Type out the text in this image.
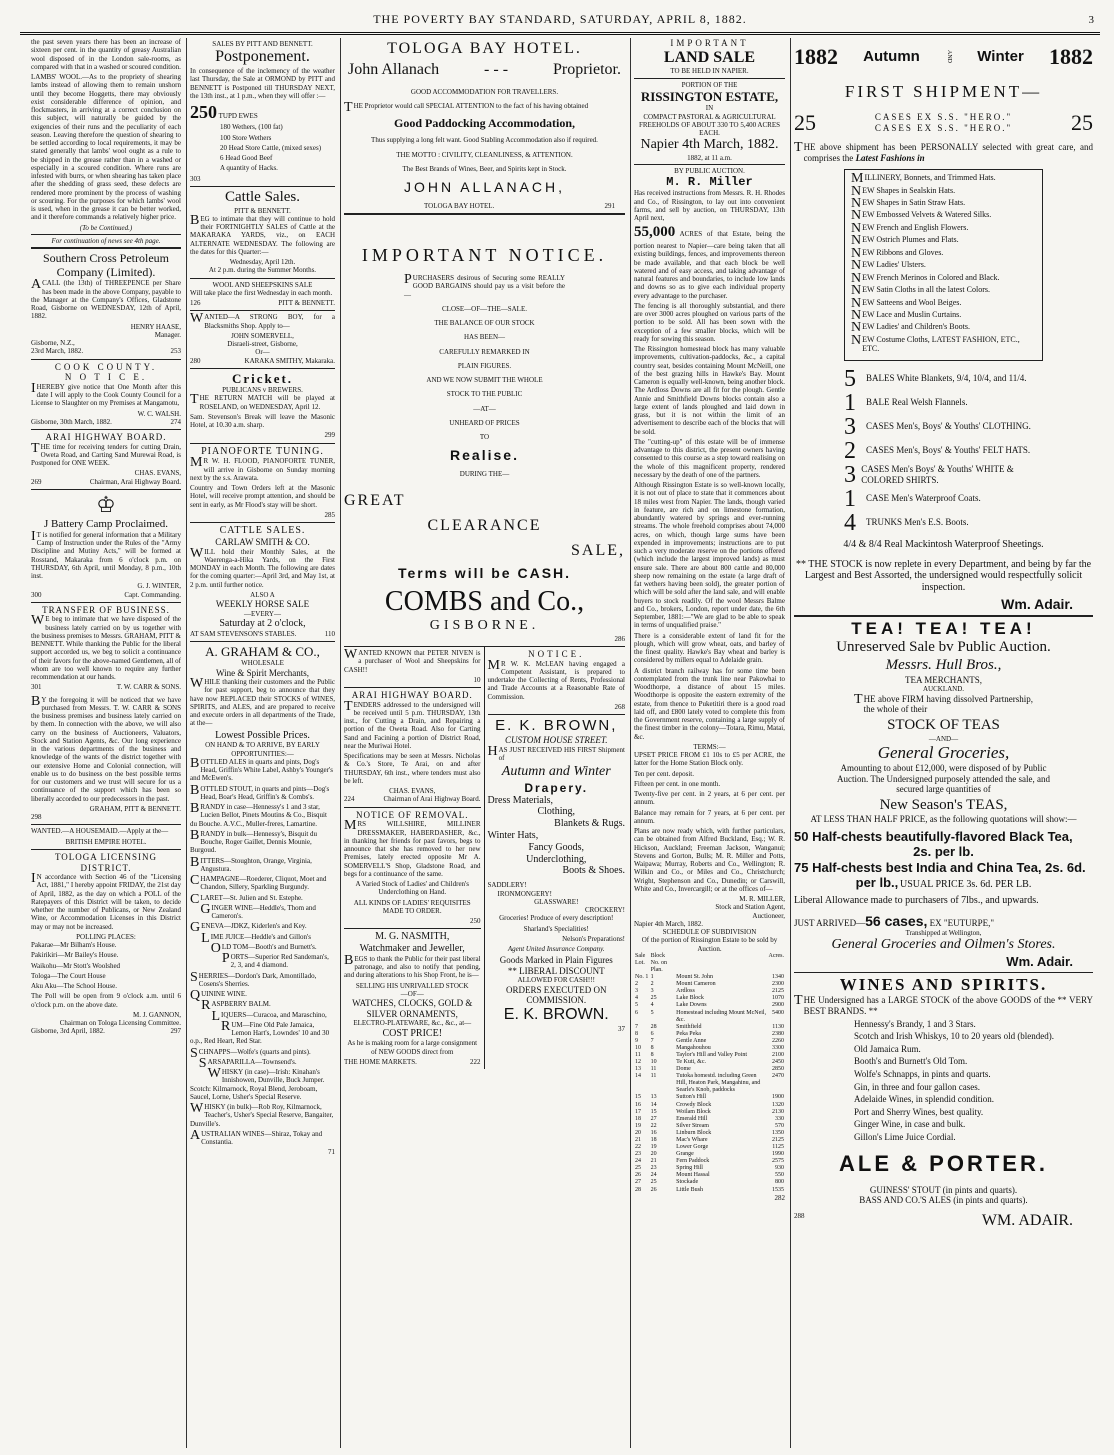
THE POVERTY BAY STANDARD, SATURDAY, APRIL 8, 1882.	3

the past seven years there has been an increase of sixteen per cent. in the quantity of greasy Australian wool disposed of in the London sale-rooms, as compared with that in a washed or scoured condition.

LAMBS' WOOL.—As to the propriety of shearing lambs instead of allowing them to remain unshorn until they become Hoggetts, there may obviously exist considerable difference of opinion, and flockmasters, in arriving at a correct conclusion on this subject, will naturally be guided by the exigencies of their runs and the peculiarity of each season. Leaving therefore the question of shearing to be settled according to local requirements, it may be stated generally that lambs' wool ought as a rule to be shipped in the grease rather than in a washed or especially in a scoured condition. Where runs are infested with burrs, or when shearing has taken place after the shedding of grass seed, these defects are rendered more prominent by the process of washing or scouring. For the purposes for which lambs' wool is used, when in the grease it can be better worked, and it therefore commands a relatively higher price.

(To be Continued.)

For continuation of news see 4th page.

Southern Cross Petroleum Company (Limited).

ACALL (the 13th) of THREEPENCE per Share has been made in the above Company, payable to the Manager at the Company's Offices, Gladstone Road, Gisborne on WEDNESDAY, 12th of April, 1882.

HENRY HAASE,
Manager.
Gisborne, N.Z.,
23rd March, 1882.	253
COOK COUNTY.
N O T I C E.

IHEREBY give notice that One Month after this date I will apply to the Cook County Council for a License to Slaughter on my Premises at Mangamotu,

W. C. WALSH.
Gisborne, 30th March, 1882.	274
ARAI HIGHWAY BOARD.

THE time for receiving tenders for cutting Drain, Oweta Road, and Carting Sand Murewai Road, is Postponed for ONE WEEK.

CHAS. EVANS,
269	Chairman, Arai Highway Board.
♔
J Battery Camp Proclaimed.

IT is notified for general information that a Military Camp of Instruction under the Rules of the "Army Discipline and Mutiny Acts," will be formed at Rosstand, Makaraka from 6 o'clock p.m. on THURSDAY, 6th April, until Monday, 8 p.m., 10th inst.

G. J. WINTER,
300	Capt. Commanding.
TRANSFER OF BUSINESS.

WE beg to intimate that we have disposed of the business lately carried on by us together with the business premises to Messrs. GRAHAM, PITT & BENNETT. While thanking the Public for the liberal support accorded us, we beg to solicit a continuance of their favors for the above-named Gentlemen, all of whom are too well known to require any further recommendation at our hands.

301	T. W. CARR & SONS.

BY the foregoing it will be noticed that we have purchased from Messrs. T. W. CARR & SONS the business premises and business lately carried on by them. In connection with the above, we will also carry on the business of Auctioneers, Valuators, Stock and Station Agents, &c. Our long experience in the various departments of the business and knowledge of the wants of the district together with our extensive Home and Colonial connection, will enable us to do business on the best possible terms for our customers and we trust will secure for us a continuance of the support which has been so liberally accorded to our predecessors in the past.

GRAHAM, PITT & BENNETT.
298

WANTED.—A HOUSEMAID.—Apply at the—

BRITISH EMPIRE HOTEL.
TOLOGA LICENSING DISTRICT.

IN accordance with Section 46 of the "Licensing Act, 1881," I hereby appoint FRIDAY, the 21st day of April, 1882, as the day on which a POLL of the Ratepayers of this District will be taken, to decide whether the number of Publicans, or New Zealand Wine, or Accommodation Licenses in this District may or may not be increased.

POLLING PLACES:
Pakarae—Mr Bilham's House.
Pakirikiri—Mr Bailey's House.
Waikohu—Mr Stott's Woolshed
Tologa—The Court House
Aku Aku—The School House.

The Poll will be open from 9 o'clock a.m. until 6 o'clock p.m. on the above date.

M. J. GANNON,
Chairman on Tologa Licensing Committee.
Gisborne, 3rd April, 1882.	297
SALES BY PITT AND BENNETT.
Postponement.

In consequence of the inclemency of the weather last Thursday, the Sale at ORMOND by PITT and BENNETT is Postponed till THURSDAY NEXT, the 13th inst., at 1 p.m., when they will offer :—

250 TUPD EWES
180 Wethers, (100 fat)
100 Store Wethers
20 Head Store Cattle, (mixed sexes)
6 Head Good Beef
A quantity of Hacks.
303
Cattle Sales.
PITT & BENNETT.

BEG to intimate that they will continue to hold their FORTNIGHTLY SALES of Cattle at the MAKARAKA YARDS, viz., on EACH ALTERNATE WEDNESDAY. The following are the dates for this Quarter:—

Wednesday, April 12th.
At 2 p.m. during the Summer Months.
WOOL AND SHEEPSKINS SALE

Will take place the first Wednesday in each month.

126	PITT & BENNETT.

WANTED—A STRONG BOY, for a Blacksmiths Shop. Apply to—

JOHN SOMERVELL,
Disraeli-street, Gisborne,
Or—
280	KARAKA SMITHY, Makaraka.
Cricket.
PUBLICANS v BREWERS.

THE RETURN MATCH will be played at ROSELAND, on WEDNESDAY, April 12.

Sam. Stevenson's Break will leave the Masonic Hotel, at 10.30 a.m. sharp.

299
PIANOFORTE TUNING.

MR W. H. FLOOD, PIANOFORTE TUNER, will arrive in Gisborne on Sunday morning next by the s.s. Arawata.

Country and Town Orders left at the Masonic Hotel, will receive prompt attention, and should be sent in early, as Mr Flood's stay will be short.

285
CATTLE SALES.
CARLAW SMITH & CO.

WILL hold their Monthly Sales, at the Waerenga-a-Hika Yards, on the First MONDAY in each Month. The following are dates for the coming quarter:—April 3rd, and May 1st, at 2 p.m. until further notice.

ALSO A
WEEKLY HORSE SALE
—EVERY—
Saturday at 2 o'clock,
AT SAM STEVENSON'S STABLES.	110
A. GRAHAM & CO.,
WHOLESALE
Wine & Spirit Merchants,

WHILE thanking their customers and the Public for past support, beg to announce that they have now REPLACED their STOCKS of WINES, SPIRITS, and ALES, and are prepared to receive and execute orders in all departments of the Trade, at the—

Lowest Possible Prices.
ON HAND & TO ARRIVE, BY EARLY OPPORTUNITIES:—
BOTTLED ALES in quarts and pints, Dog's Head, Griffin's White Label, Ashby's Younger's and McEwen's.
BOTTLED STOUT, in quarts and pints—Dog's Head, Boar's Head, Griffin's & Combs's.
BRANDY in case—Hennessy's 1 and 3 star, Lucien Bellot, Pinets Moutins & Co., Bisquit du Bouche. A.V.C., Muller-freres, Lamartine.
BRANDY in bulk—Hennessy's, Bisquit du Bouche, Roger Gaillet, Dennis Mounie, Burgoud.
BITTERS—Stoughton, Orange, Virginia, Angustura.
CHAMPAGNE—Roederer, Cliquot, Moet and Chandon, Sillery, Sparkling Burgundy.
CLARET—St. Julien and St. Estephe.
GINGER WINE—Heddle's, Thom and Cameron's.
GENEVA—JDKZ, Kiderlen's and Key.
LIME JUICE—Heddle's and Gillon's
OLD TOM—Booth's and Burnett's.
PORTS—Superior Red Sandeman's, 2, 3, and 4 diamond.
SHERRIES—Dordon's Dark, Amontillado, Cosens's Sherries.
QUININE WINE.
RASPBERRY BALM.
LIQUERS—Curacoa, and Maraschino,
RUM—Fine Old Pale Jamaica, Lemon Hart's, Lowndes' 10 and 30 o.p., Red Heart, Red Star.
SCHNAPPS—Wolfe's (quarts and pints).
SARSAPARILLA—Townsend's.
WHISKY (in case)—Irish: Kinahan's Innishowen, Dunville, Buck Jumper. Scotch: Kilmarnock, Royal Blend, Jeroboam, Saucel, Lorne, Usher's Special Reserve.
WHISKY (in bulk)—Rob Roy, Kilmarnock, Teacher's, Usher's Special Reserve, Bangaiter, Dunville's.
AUSTRALIAN WINES—Shiraz, Tokay and Constantia.
71
TOLOGA BAY HOTEL.
John Allanach	- - -	Proprietor.
GOOD ACCOMMODATION FOR TRAVELLERS.

THE Proprietor would call SPECIAL ATTENTION to the fact of his having obtained

Good Paddocking Accommodation,

Thus supplying a long felt want. Good Stabling Accommodation also if required.

THE MOTTO : CIVILITY, CLEANLINESS, & ATTENTION.
The Best Brands of Wines, Beer, and Spirits kept in Stock.
JOHN ALLANACH,
TOLOGA BAY HOTEL.	291
IMPORTANT NOTICE.

PURCHASERS desirous of Securing some REALLY GOOD BARGAINS should pay us a visit before the—

CLOSE—OF—THE—SALE.
THE BALANCE OF OUR STOCK
HAS BEEN—
CAREFULLY REMARKED IN
PLAIN FIGURES.
AND WE NOW SUBMIT THE WHOLE
STOCK TO THE PUBLIC
—AT—
UNHEARD OF PRICES
TO
Realise.
DURING THE—
GREAT
CLEARANCE
SALE,
Terms will be CASH.
COMBS and Co.,
GISBORNE.
286

WANTED KNOWN that PETER NIVEN is a purchaser of Wool and Sheepskins for CASH!!

10
ARAI HIGHWAY BOARD.

TENDERS addressed to the undersigned will be received until 5 p.m. THURSDAY, 13th inst., for Cutting a Drain, and Repairing a portion of the Oweta Road. Also for Carting Sand and Facining a portion of District Road, near the Muriwai Hotel.

Specifications may be seen at Messrs. Nicholas & Co.'s Store, Te Arai, on and after THURSDAY, 6th inst., where tenders must also be left.

CHAS. EVANS,
224	Chairman of Arai Highway Board.
NOTICE OF REMOVAL.

MRS WILLSHIRE, MILLINER DRESSMAKER, HABERDASHER, &c., in thanking her friends for past favors, begs to announce that she has removed to her new Premises, lately erected opposite Mr A. SOMERVELL'S Shop, Gladstone Road, and begs for a continuance of the same.

A Varied Stock of Ladies' and Children's Underclothing on Hand.

ALL KINDS OF LADIES' REQUISITES MADE TO ORDER.

250
M. G. NASMITH,
Watchmaker and Jeweller,

BEGS to thank the Public for their past liberal patronage, and also to notify that pending, and during alterations to his Shop Front, he is—

SELLING HIS UNRIVALLED STOCK
—OF—
WATCHES, CLOCKS, GOLD & SILVER ORNAMENTS,
ELECTRO-PLATEWARE, &c., &c., at—
COST PRICE!

As he is making room for a large consignment of NEW GOODS direct from

THE HOME MARKETS.	222
NOTICE.

MR W. K. McLEAN having engaged a Competent Assistant, is prepared to undertake the Collecting of Rents, Professional and Trade Accounts at a Reasonable Rate of Commission.

268
E. K. BROWN,
CUSTOM HOUSE STREET.

HAS JUST RECEIVED HIS FIRST Shipment of

Autumn and Winter
Drapery.
Dress Materials,
Clothing,
Blankets & Rugs.
Winter Hats,
Fancy Goods,
Underclothing,
Boots & Shoes.
SADDLERY!
IRONMONGERY!
GLASSWARE!
CROCKERY!

Groceries! Produce of every description!

Sharland's Specialities!

Nelson's Preparations!

Agent United Insurance Company.

Goods Marked in Plain Figures
** LIBERAL DISCOUNT
ALLOWED FOR CASH!!!
ORDERS EXECUTED ON COMMISSION.
E. K. BROWN.
37
IMPORTANT
LAND SALE
TO BE HELD IN NAPIER.
PORTION OF THE
RISSINGTON ESTATE,
IN
COMPACT PASTORAL & AGRICULTURAL FREEHOLDS OF ABOUT 330 TO 5,400 ACRES EACH.
Napier 4th March, 1882.
1882, at 11 a.m.
BY PUBLIC AUCTION.
M. R. Miller

Has received instructions from Messrs. R. H. Rhodes and Co., of Rissington, to lay out into convenient farms, and sell by auction, on THURSDAY, 13th April next,

55,000 ACRES of that Estate, being the portion nearest to Napier—care being taken that all existing buildings, fences, and improvements thereon be made available, and that each block be well watered and of easy access, and taking advantage of natural features and boundaries, to include low lands and downs so as to give each individual property every advantage to the purchaser.

The fencing is all thoroughly substantial, and there are over 3000 acres ploughed on various parts of the portion to be sold. All has been sown with the exception of a few smaller blocks, which will be ready for sowing this season.

The Rissington homestead block has many valuable improvements, cultivation-paddocks, &c., a capital country seat, besides containing Mount McNeill, one of the best grazing hills in Hawke's Bay. Mount Cameron is equally well-known, being another block. The Ardloss Downs are all fit for the plough. Gentle Annie and Smithfield Downs blocks contain also a large extent of lands ploughed and laid down in grass, but it is not within the limit of an advertisement to describe each of the blocks that will be sold.

The "cutting-up" of this estate will be of immense advantage to this district, the present owners having consented to this course as a step toward realising on the whole of this magnificent property, rendered necessary by the death of one of the partners.

Although Rissington Estate is so well-known locally, it is not out of place to state that it commences about 18 miles west from Napier. The lands, though varied in feature, are rich and on limestone formation, abundantly watered by springs and ever-running streams. The whole freehold comprises about 74,000 acres, on which, though large sums have been expended in improvements; instructions are to put such a very moderate reserve on the portions offered (which include the largest improved lands) as must ensure sale. There are about 800 cattle and 80,000 sheep now remaining on the estate (a large draft of fat wethers having been sold), the greater portion of which will be sold after the land sale, and will enable buyers to stock readily. Of the wool Messrs Balme and Co., brokers, London, report under date, the 6th September, 1881:—"We are glad to be able to speak in terms of unqualified praise."

There is a considerable extent of land fit for the plough, which will grow wheat, oats, and barley of the finest quality. Hawke's Bay wheat and barley is considered by millers equal to Adelaide grain.

A district branch railway has for some time been contemplated from the trunk line near Pakowhai to Woodthorpe, a distance of about 15 miles. Woodthorpe is opposite the eastern extremity of the estate, from thence to Puketitiri there is a good road laid off, and £800 lately voted to complete this from the Government reserve, containing a large supply of the finest timber in the colony—Totara, Rimu, Matai, &c.

TERMS:—

UPSET PRICE FROM £1 10s to £5 per ACRE, the latter for the Home Station Block only.

Ten per cent. deposit.

Fifteen per cent. in one month.

Twenty-five per cent. in 2 years, at 6 per cent. per annum.

Balance may remain for 7 years, at 6 per cent. per annum.

Plans are now ready which, with further particulars, can be obtained from Alfred Buckland, Esq.; W. R. Hickson, Auckland; Freeman Jackson, Wanganui; Stevens and Gorton, Bulls; M. R. Miller and Potts, Waipawa; Murray, Roberts and Co., Wellington; R. Wilkin and Co., or Miles and Co., Christchurch; Wright, Stephenson and Co., Dunedin; or Carswill, White and Co., Invercargill; or at the offices of—

M. R. MILLER,
Stock and Station Agent,
Auctioneer,
Napier 4th March, 1882.
SCHEDULE OF SUBDIVISION
Of the portion of Rissington Estate to be sold by Auction.
Sale Lot.	Block No. on Plan.		Acres.
No. 1	1	Mount St. John	1340
2	2	Mount Cameron	2300
3	3	Ardloss	2125
4	25	Lake Block	1070
5	4	Lake Downs	2900
6	5	Homestead including Mount McNeil, &c.	5400
7	28	Smithfield	1130
8	6	Peka Peka	2380
9	7	Gentle Anne	2260
10	8	Mangahouhou	3300
11	8	Taylor's Hill and Valley Point	2100
12	10	Te Kuti, &c.	2450
13	11	Dome	2850
14	11	Tutoka homestd. including Green Hill, Heaton Park, Mangahinu, and Searle's Knob, paddocks	2470
15	13	Sutton's Hill	1900
16	14	Crowdy Block	1320
17	15	Woilam Block	2130
18	27	Emerald Hill	330
19	22	Silver Stream	570
20	16	Linburn Block	1350
21	18	Mac's Whare	2125
22	19	Lower Gorge	1125
23	20	Grange	1990
24	21	Fern Paddock	2575
25	23	Spring Hill	930
26	24	Mount Hassal	550
27	25	Stockade	800
28	26	Little Bush	1535
282
1882 Autumn	AND Winter 1882
FIRST SHIPMENT—
25	CASES EX S.S. "HERO."
CASES EX S.S. "HERO."	25

THE above shipment has been PERSONALLY selected with great care, and comprises the Latest Fashions in

MILLINERY, Bonnets, and Trimmed Hats.
NEW Shapes in Sealskin Hats.
NEW Shapes in Satin Straw Hats.
NEW Embossed Velvets & Watered Silks.
NEW French and English Flowers.
NEW Ostrich Plumes and Flats.
NEW Ribbons and Gloves.
NEW Ladies' Ulsters.
NEW French Merinos in Colored and Black.
NEW Satin Cloths in all the latest Colors.
NEW Satteens and Wool Beiges.
NEW Lace and Muslin Curtains.
NEW Ladies' and Children's Boots.
NEW Costume Cloths, LATEST FASHION, ETC., ETC.
5	BALES White Blankets, 9/4, 10/4, and 11/4.
1	BALE Real Welsh Flannels.
3	CASES Men's, Boys' & Youths' CLOTHING.
2	CASES Men's, Boys' & Youths' FELT HATS.
3 CASES Men's Boys' & Youths' WHITE & COLORED SHIRTS.
1	CASE Men's Waterproof Coats.
4	TRUNKS Men's E.S. Boots.
4/4 & 8/4 Real Mackintosh Waterproof Sheetings.

** THE STOCK is now replete in every Department, and being by far the Largest and Best Assorted, the undersigned would respectfully solicit inspection.

Wm. Adair.
TEA! TEA! TEA!
Unreserved Sale bv Public Auction.
Messrs. Hull Bros.,
TEA MERCHANTS,
AUCKLAND.

THE above FIRM having dissolved Partnership, the whole of their

STOCK OF TEAS
—AND—
General Groceries,

Amounting to about £12,000, were disposed of by Public Auction. The Undersigned purposely attended the sale, and secured large quantities of

New Season's TEAS,
AT LESS THAN HALF PRICE, as the following quotations will show:—
50 Half-chests beautifully-flavored Black Tea,
2s. per lb.
75 Half-chests best India and China Tea, 2s. 6d.
per lb., USUAL PRICE 3s. 6d. PER LB.
Liberal Allowance made to purchasers of 7lbs., and upwards.
JUST ARRIVED—56 cases, EX "EUTURPE,"
Transhipped at Wellington,
General Groceries and Oilmen's Stores.
Wm. Adair.
WINES AND SPIRITS.

THE Undersigned has a LARGE STOCK of the above GOODS of the ** VERY BEST BRANDS. **

Hennessy's Brandy, 1 and 3 Stars.
Scotch and Irish Whiskys, 10 to 20 years old (blended).
Old Jamaica Rum.
Booth's and Burnett's Old Tom.
Wolfe's Schnapps, in pints and quarts.
Gin, in three and four gallon cases.
Adelaide Wines, in splendid condition.
Port and Sherry Wines, best quality.
Ginger Wine, in case and bulk.
Gillon's Lime Juice Cordial.
ALE & PORTER.
GUINESS' STOUT (in pints and quarts).
BASS AND CO.'S ALES (in pints and quarts).
288	WM. ADAIR.
